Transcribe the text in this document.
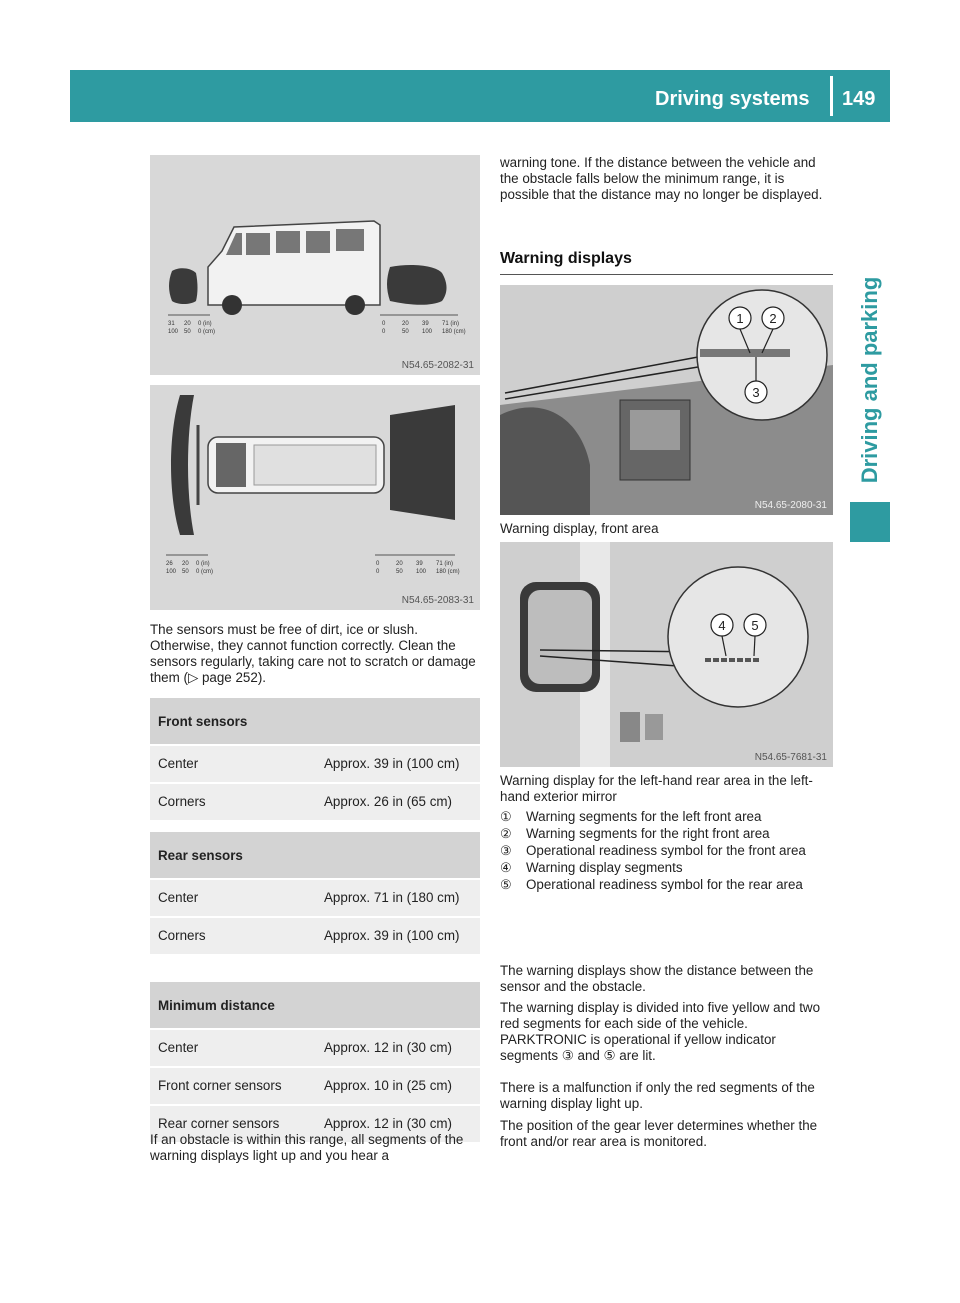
Driving systems 149
Driving and parking
31 20 0 (in)
100 50 0 (cm)
0	20 39 71 (in)
0	50 100 180 (cm)
N54.65-2082-31
26 20 0 (in)
100 50 0 (cm)
0	20 39 71 (in)
0	50 100 180 (cm)
N54.65-2083-31
The sensors must be free of dirt, ice or slush. Otherwise, they cannot function correctly. Clean the sensors regularly, taking care not to scratch or damage them (▷ page 252).
Front sensors	
Center	Approx. 39 in (100 cm)
Corners	Approx. 26 in (65 cm)
Rear sensors	
Center	Approx. 71 in (180 cm)
Corners	Approx. 39 in (100 cm)
Minimum distance	
Center	Approx. 12 in (30 cm)
Front corner sensors	Approx. 10 in (25 cm)
Rear corner sensors	Approx. 12 in (30 cm)
If an obstacle is within this range, all segments of the warning displays light up and you hear a
warning tone. If the distance between the vehicle and the obstacle falls below the minimum range, it is possible that the distance may no longer be displayed.
Warning displays
1 2
3
N54.65-2080-31
Warning display, front area
4 5
N54.65-7681-31
Warning display for the left-hand rear area in the left-hand exterior mirror
①	Warning segments for the left front area
②	Warning segments for the right front area
③	Operational readiness symbol for the front area
④	Warning display segments
⑤	Operational readiness symbol for the rear area
The warning displays show the distance between the sensor and the obstacle.
The warning display is divided into five yellow and two red segments for each side of the vehicle. PARKTRONIC is operational if yellow indicator segments ③ and ⑤ are lit.
There is a malfunction if only the red segments of the warning display light up.
The position of the gear lever determines whether the front and/or rear area is monitored.
